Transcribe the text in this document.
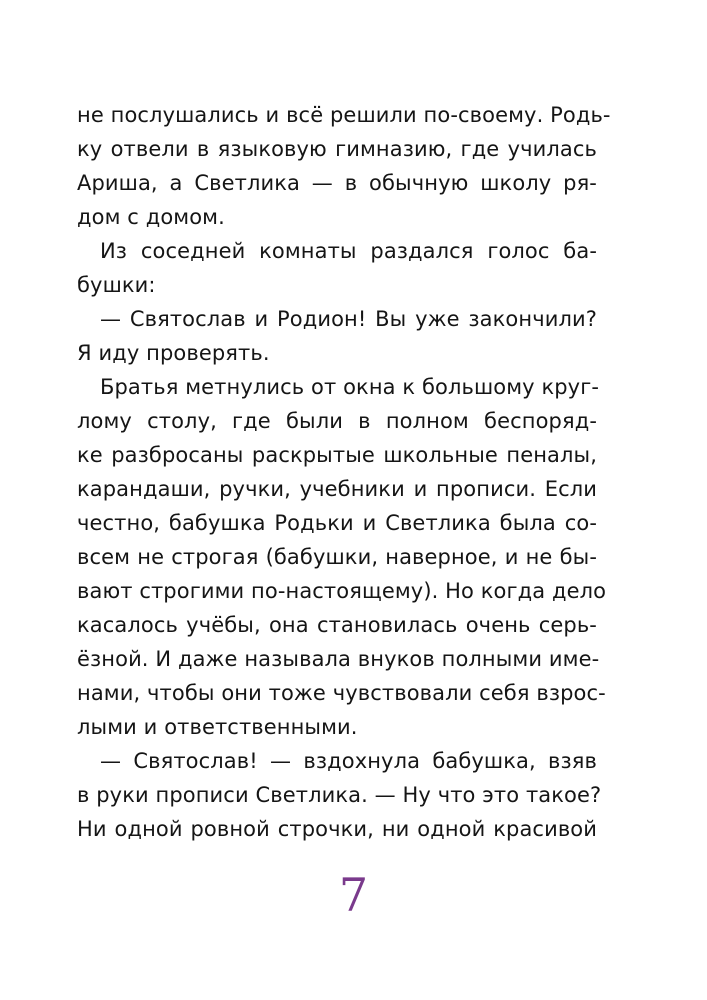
не послушались и всё решили по-своему. Родь-
ку отвели в языковую гимназию, где училась
Ариша, а Светлика — в обычную школу ря-
дом с домом.
Из соседней комнаты раздался голос ба-
бушки:
— Святослав и Родион! Вы уже закончили?
Я иду проверять.
Братья метнулись от окна к большому круг-
лому столу, где были в полном беспоряд-
ке разбросаны раскрытые школьные пеналы,
карандаши, ручки, учебники и прописи. Если
честно, бабушка Родьки и Светлика была со-
всем не строгая (бабушки, наверное, и не бы-
вают строгими по-настоящему). Но когда дело
касалось учёбы, она становилась очень серь-
ёзной. И даже называла внуков полными име-
нами, чтобы они тоже чувствовали себя взрос-
лыми и ответственными.
— Святослав! — вздохнула бабушка, взяв
в руки прописи Светлика. — Ну что это такое?
Ни одной ровной строчки, ни одной красивой
7
